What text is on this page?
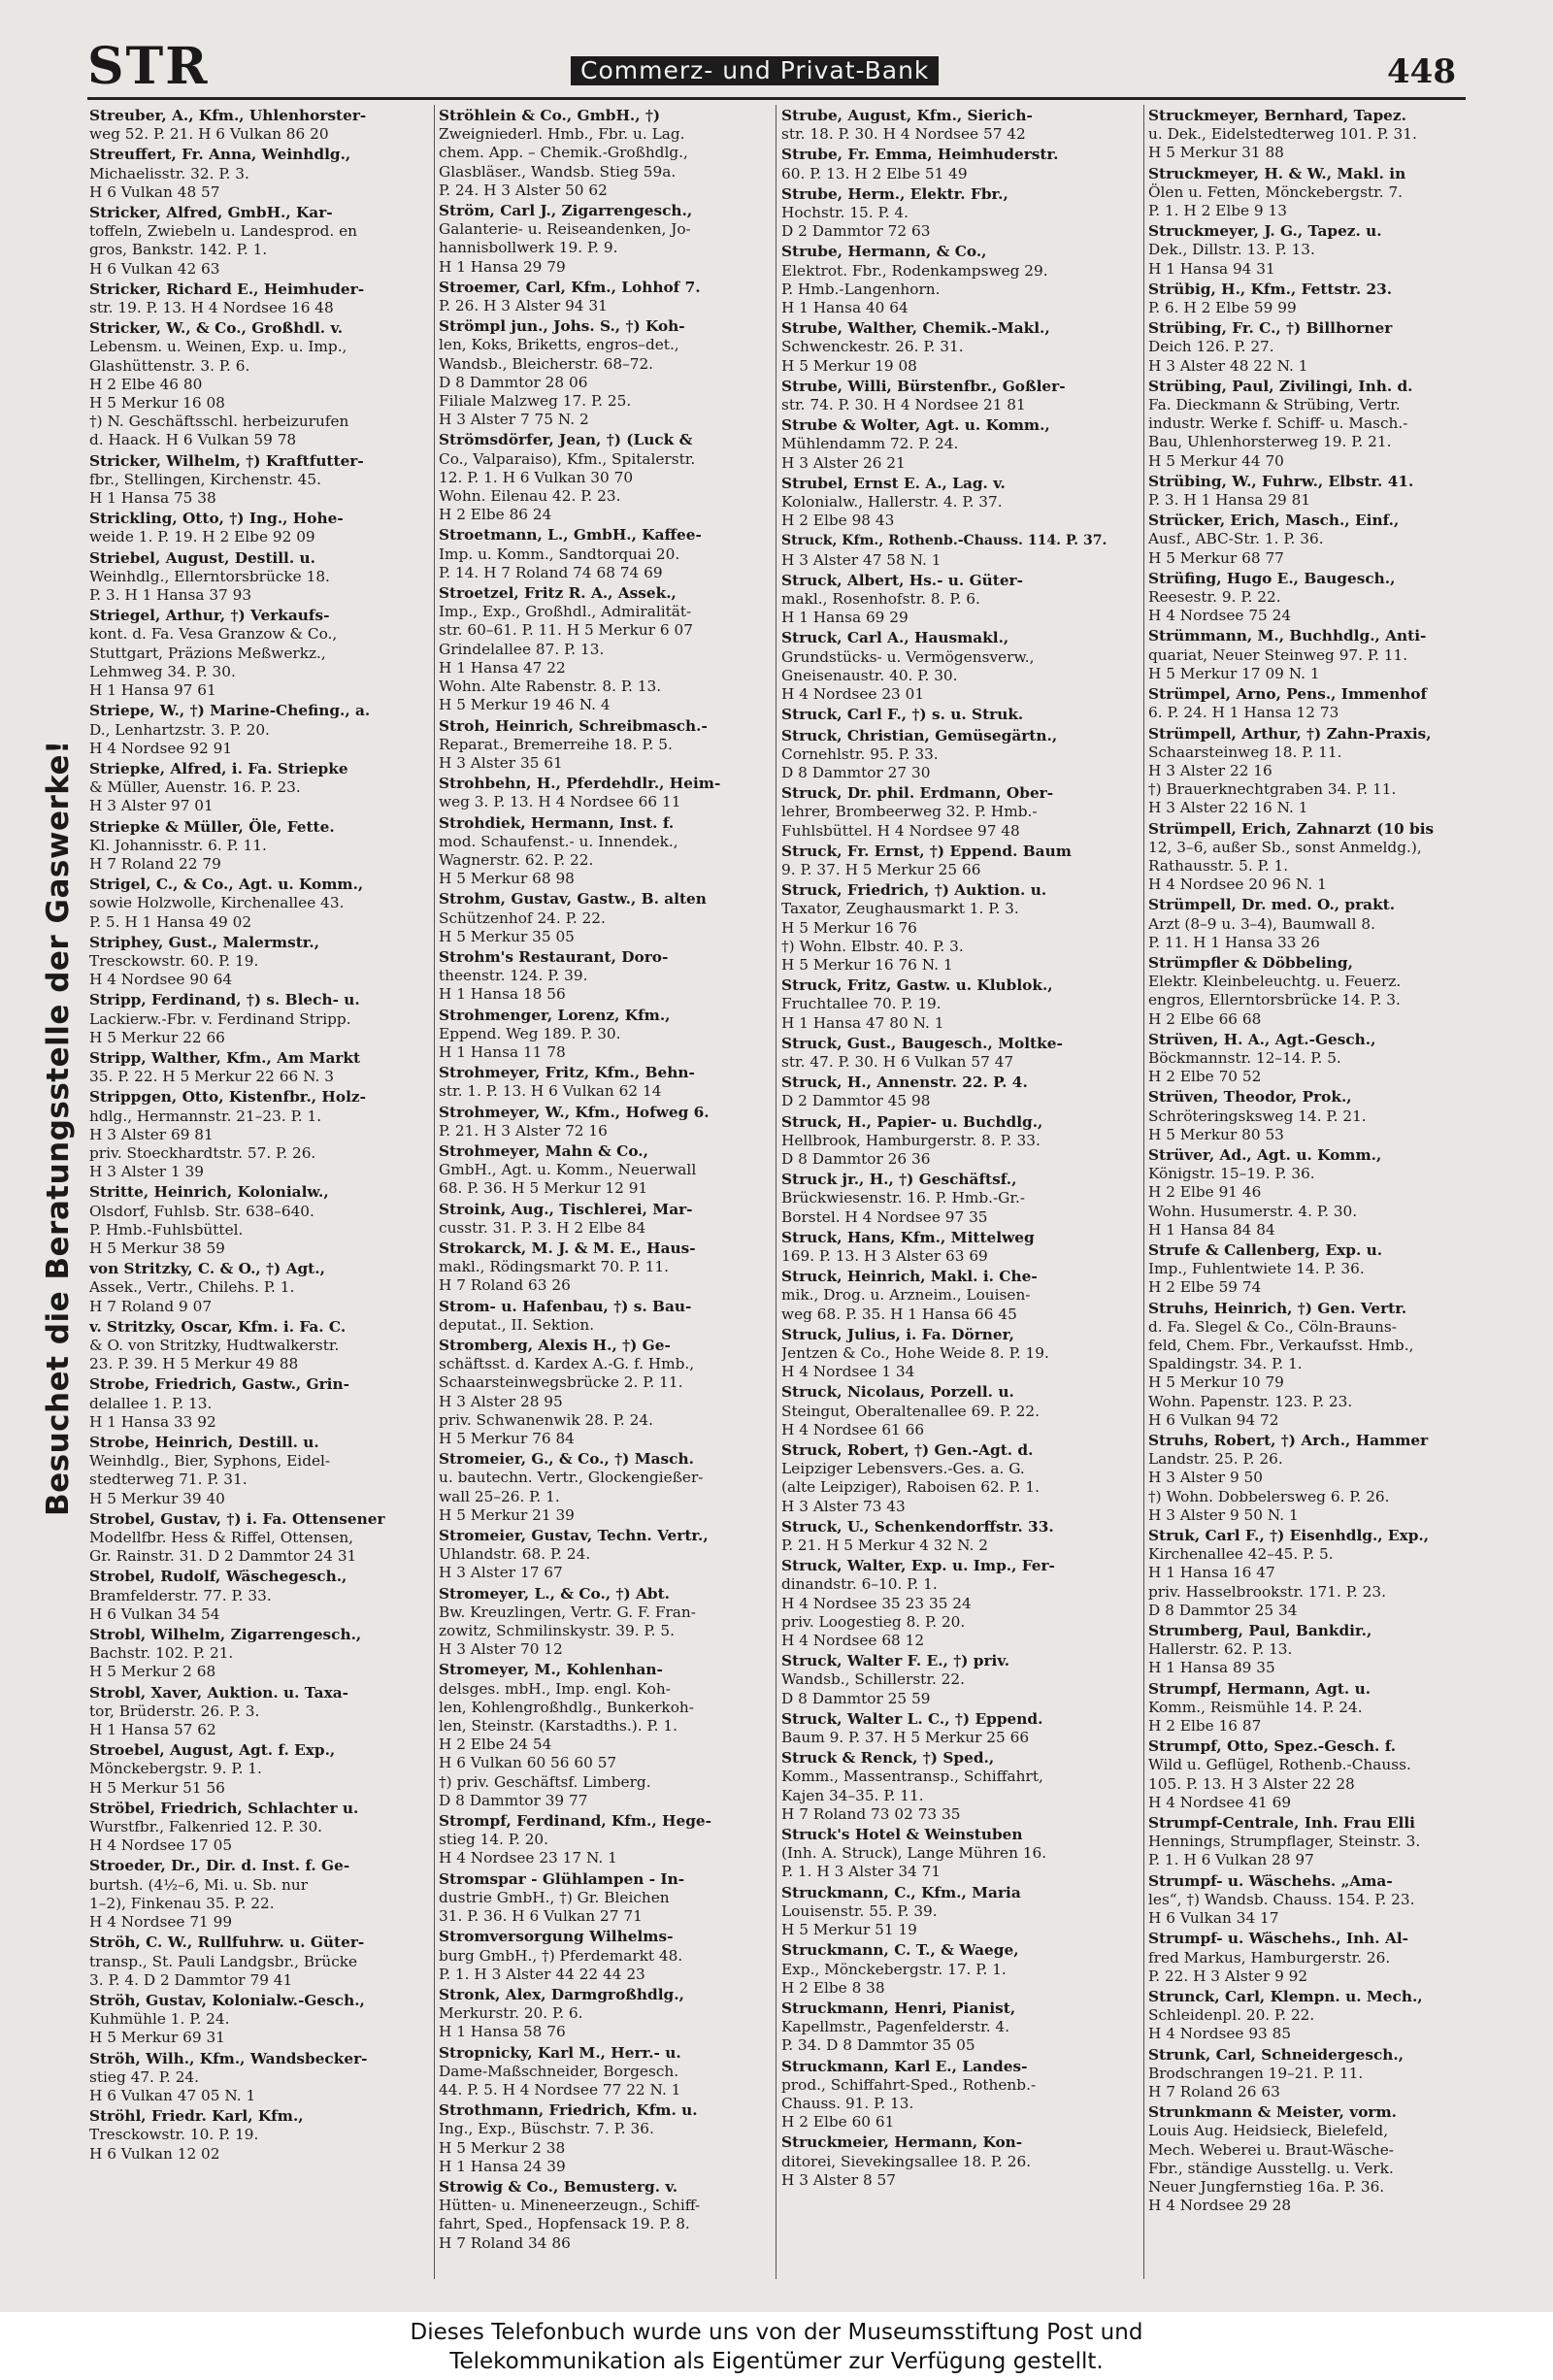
STR	Commerz- und Privat-Bank	448
Besuchet die Beratungsstelle der Gaswerke!
Streuber, A., Kfm., Uhlenhorster-
weg 52. P. 21. H 6 Vulkan 86 20
Streuffert, Fr. Anna, Weinhdlg.,
Michaelisstr. 32. P. 3.
H 6 Vulkan 48 57
Stricker, Alfred, GmbH., Kar-
toffeln, Zwiebeln u. Landesprod. en
gros, Bankstr. 142. P. 1.
H 6 Vulkan 42 63
Stricker, Richard E., Heimhuder-
str. 19. P. 13. H 4 Nordsee 16 48
Stricker, W., & Co., Großhdl. v.
Lebensm. u. Weinen, Exp. u. Imp.,
Glashüttenstr. 3. P. 6.
H 2 Elbe 46 80
H 5 Merkur 16 08
†) N. Geschäftsschl. herbeizurufen
d. Haack. H 6 Vulkan 59 78
Stricker, Wilhelm, †) Kraftfutter-
fbr., Stellingen, Kirchenstr. 45.
H 1 Hansa 75 38
Strickling, Otto, †) Ing., Hohe-
weide 1. P. 19. H 2 Elbe 92 09
Striebel, August, Destill. u.
Weinhdlg., Ellerntorsbrücke 18.
P. 3. H 1 Hansa 37 93
Striegel, Arthur, †) Verkaufs-
kont. d. Fa. Vesa Granzow & Co.,
Stuttgart, Präzions Meßwerkz.,
Lehmweg 34. P. 30.
H 1 Hansa 97 61
Striepe, W., †) Marine-Chefing., a.
D., Lenhartzstr. 3. P. 20.
H 4 Nordsee 92 91
Striepke, Alfred, i. Fa. Striepke
& Müller, Auenstr. 16. P. 23.
H 3 Alster 97 01
Striepke & Müller, Öle, Fette.
Kl. Johannisstr. 6. P. 11.
H 7 Roland 22 79
Strigel, C., & Co., Agt. u. Komm.,
sowie Holzwolle, Kirchenallee 43.
P. 5. H 1 Hansa 49 02
Striphey, Gust., Malermstr.,
Tresckowstr. 60. P. 19.
H 4 Nordsee 90 64
Stripp, Ferdinand, †) s. Blech- u.
Lackierw.-Fbr. v. Ferdinand Stripp.
H 5 Merkur 22 66
Stripp, Walther, Kfm., Am Markt
35. P. 22. H 5 Merkur 22 66 N. 3
Strippgen, Otto, Kistenfbr., Holz-
hdlg., Hermannstr. 21–23. P. 1.
H 3 Alster 69 81
priv. Stoeckhardtstr. 57. P. 26.
H 3 Alster 1 39
Stritte, Heinrich, Kolonialw.,
Olsdorf, Fuhlsb. Str. 638–640.
P. Hmb.-Fuhlsbüttel.
H 5 Merkur 38 59
von Stritzky, C. & O., †) Agt.,
Assek., Vertr., Chilehs. P. 1.
H 7 Roland 9 07
v. Stritzky, Oscar, Kfm. i. Fa. C.
& O. von Stritzky, Hudtwalkerstr.
23. P. 39. H 5 Merkur 49 88
Strobe, Friedrich, Gastw., Grin-
delallee 1. P. 13.
H 1 Hansa 33 92
Strobe, Heinrich, Destill. u.
Weinhdlg., Bier, Syphons, Eidel-
stedterweg 71. P. 31.
H 5 Merkur 39 40
Strobel, Gustav, †) i. Fa. Ottensener
Modellfbr. Hess & Riffel, Ottensen,
Gr. Rainstr. 31. D 2 Dammtor 24 31
Strobel, Rudolf, Wäschegesch.,
Bramfelderstr. 77. P. 33.
H 6 Vulkan 34 54
Strobl, Wilhelm, Zigarrengesch.,
Bachstr. 102. P. 21.
H 5 Merkur 2 68
Strobl, Xaver, Auktion. u. Taxa-
tor, Brüderstr. 26. P. 3.
H 1 Hansa 57 62
Stroebel, August, Agt. f. Exp.,
Mönckebergstr. 9. P. 1.
H 5 Merkur 51 56
Ströbel, Friedrich, Schlachter u.
Wurstfbr., Falkenried 12. P. 30.
H 4 Nordsee 17 05
Stroeder, Dr., Dir. d. Inst. f. Ge-
burtsh. (4½–6, Mi. u. Sb. nur
1–2), Finkenau 35. P. 22.
H 4 Nordsee 71 99
Ströh, C. W., Rullfuhrw. u. Güter-
transp., St. Pauli Landgsbr., Brücke
3. P. 4. D 2 Dammtor 79 41
Ströh, Gustav, Kolonialw.-Gesch.,
Kuhmühle 1. P. 24.
H 5 Merkur 69 31
Ströh, Wilh., Kfm., Wandsbecker-
stieg 47. P. 24.
H 6 Vulkan 47 05 N. 1
Ströhl, Friedr. Karl, Kfm.,
Tresckowstr. 10. P. 19.
H 6 Vulkan 12 02
Ströhlein & Co., GmbH., †)
Zweigniederl. Hmb., Fbr. u. Lag.
chem. App. – Chemik.-Großhdlg.,
Glasbläser., Wandsb. Stieg 59a.
P. 24. H 3 Alster 50 62
Ström, Carl J., Zigarrengesch.,
Galanterie- u. Reiseandenken, Jo-
hannisbollwerk 19. P. 9.
H 1 Hansa 29 79
Stroemer, Carl, Kfm., Lohhof 7.
P. 26. H 3 Alster 94 31
Strömpl jun., Johs. S., †) Koh-
len, Koks, Briketts, engros–det.,
Wandsb., Bleicherstr. 68–72.
D 8 Dammtor 28 06
Filiale Malzweg 17. P. 25.
H 3 Alster 7 75 N. 2
Strömsdörfer, Jean, †) (Luck &
Co., Valparaiso), Kfm., Spitalerstr.
12. P. 1. H 6 Vulkan 30 70
Wohn. Eilenau 42. P. 23.
H 2 Elbe 86 24
Stroetmann, L., GmbH., Kaffee-
Imp. u. Komm., Sandtorquai 20.
P. 14. H 7 Roland 74 68 74 69
Stroetzel, Fritz R. A., Assek.,
Imp., Exp., Großhdl., Admiralität-
str. 60–61. P. 11. H 5 Merkur 6 07
Grindelallee 87. P. 13.
H 1 Hansa 47 22
Wohn. Alte Rabenstr. 8. P. 13.
H 5 Merkur 19 46 N. 4
Stroh, Heinrich, Schreibmasch.-
Reparat., Bremerreihe 18. P. 5.
H 3 Alster 35 61
Strohbehn, H., Pferdehdlr., Heim-
weg 3. P. 13. H 4 Nordsee 66 11
Strohdiek, Hermann, Inst. f.
mod. Schaufenst.- u. Innendek.,
Wagnerstr. 62. P. 22.
H 5 Merkur 68 98
Strohm, Gustav, Gastw., B. alten
Schützenhof 24. P. 22.
H 5 Merkur 35 05
Strohm's Restaurant, Doro-
theenstr. 124. P. 39.
H 1 Hansa 18 56
Strohmenger, Lorenz, Kfm.,
Eppend. Weg 189. P. 30.
H 1 Hansa 11 78
Strohmeyer, Fritz, Kfm., Behn-
str. 1. P. 13. H 6 Vulkan 62 14
Strohmeyer, W., Kfm., Hofweg 6.
P. 21. H 3 Alster 72 16
Strohmeyer, Mahn & Co.,
GmbH., Agt. u. Komm., Neuerwall
68. P. 36. H 5 Merkur 12 91
Stroink, Aug., Tischlerei, Mar-
cusstr. 31. P. 3. H 2 Elbe 84
Strokarck, M. J. & M. E., Haus-
makl., Rödingsmarkt 70. P. 11.
H 7 Roland 63 26
Strom- u. Hafenbau, †) s. Bau-
deputat., II. Sektion.
Stromberg, Alexis H., †) Ge-
schäftsst. d. Kardex A.-G. f. Hmb.,
Schaarsteinwegsbrücke 2. P. 11.
H 3 Alster 28 95
priv. Schwanenwik 28. P. 24.
H 5 Merkur 76 84
Stromeier, G., & Co., †) Masch.
u. bautechn. Vertr., Glockengießer-
wall 25–26. P. 1.
H 5 Merkur 21 39
Stromeier, Gustav, Techn. Vertr.,
Uhlandstr. 68. P. 24.
H 3 Alster 17 67
Stromeyer, L., & Co., †) Abt.
Bw. Kreuzlingen, Vertr. G. F. Fran-
zowitz, Schmilinskystr. 39. P. 5.
H 3 Alster 70 12
Stromeyer, M., Kohlenhan-
delsges. mbH., Imp. engl. Koh-
len, Kohlengroßhdlg., Bunkerkoh-
len, Steinstr. (Karstadths.). P. 1.
H 2 Elbe 24 54
H 6 Vulkan 60 56 60 57
†) priv. Geschäftsf. Limberg.
D 8 Dammtor 39 77
Strompf, Ferdinand, Kfm., Hege-
stieg 14. P. 20.
H 4 Nordsee 23 17 N. 1
Stromspar - Glühlampen - In-
dustrie GmbH., †) Gr. Bleichen
31. P. 36. H 6 Vulkan 27 71
Stromversorgung Wilhelms-
burg GmbH., †) Pferdemarkt 48.
P. 1. H 3 Alster 44 22 44 23
Stronk, Alex, Darmgroßhdlg.,
Merkurstr. 20. P. 6.
H 1 Hansa 58 76
Stropnicky, Karl M., Herr.- u.
Dame-Maßschneider, Borgesch.
44. P. 5. H 4 Nordsee 77 22 N. 1
Strothmann, Friedrich, Kfm. u.
Ing., Exp., Büschstr. 7. P. 36.
H 5 Merkur 2 38
H 1 Hansa 24 39
Strowig & Co., Bemusterg. v.
Hütten- u. Mineneerzeugn., Schiff-
fahrt, Sped., Hopfensack 19. P. 8.
H 7 Roland 34 86
Strube, August, Kfm., Sierich-
str. 18. P. 30. H 4 Nordsee 57 42
Strube, Fr. Emma, Heimhuderstr.
60. P. 13. H 2 Elbe 51 49
Strube, Herm., Elektr. Fbr.,
Hochstr. 15. P. 4.
D 2 Dammtor 72 63
Strube, Hermann, & Co.,
Elektrot. Fbr., Rodenkampsweg 29.
P. Hmb.-Langenhorn.
H 1 Hansa 40 64
Strube, Walther, Chemik.-Makl.,
Schwenckestr. 26. P. 31.
H 5 Merkur 19 08
Strube, Willi, Bürstenfbr., Goßler-
str. 74. P. 30. H 4 Nordsee 21 81
Strube & Wolter, Agt. u. Komm.,
Mühlendamm 72. P. 24.
H 3 Alster 26 21
Strubel, Ernst E. A., Lag. v.
Kolonialw., Hallerstr. 4. P. 37.
H 2 Elbe 98 43
Struck, Kfm., Rothenb.-Chauss. 114. P. 37.
H 3 Alster 47 58 N. 1
Struck, Albert, Hs.- u. Güter-
makl., Rosenhofstr. 8. P. 6.
H 1 Hansa 69 29
Struck, Carl A., Hausmakl.,
Grundstücks- u. Vermögensverw.,
Gneisenaustr. 40. P. 30.
H 4 Nordsee 23 01
Struck, Carl F., †) s. u. Struk.
Struck, Christian, Gemüsegärtn.,
Cornehlstr. 95. P. 33.
D 8 Dammtor 27 30
Struck, Dr. phil. Erdmann, Ober-
lehrer, Brombeerweg 32. P. Hmb.-
Fuhlsbüttel. H 4 Nordsee 97 48
Struck, Fr. Ernst, †) Eppend. Baum
9. P. 37. H 5 Merkur 25 66
Struck, Friedrich, †) Auktion. u.
Taxator, Zeughausmarkt 1. P. 3.
H 5 Merkur 16 76
†) Wohn. Elbstr. 40. P. 3.
H 5 Merkur 16 76 N. 1
Struck, Fritz, Gastw. u. Klublok.,
Fruchtallee 70. P. 19.
H 1 Hansa 47 80 N. 1
Struck, Gust., Baugesch., Moltke-
str. 47. P. 30. H 6 Vulkan 57 47
Struck, H., Annenstr. 22. P. 4.
D 2 Dammtor 45 98
Struck, H., Papier- u. Buchdlg.,
Hellbrook, Hamburgerstr. 8. P. 33.
D 8 Dammtor 26 36
Struck jr., H., †) Geschäftsf.,
Brückwiesenstr. 16. P. Hmb.-Gr.-
Borstel. H 4 Nordsee 97 35
Struck, Hans, Kfm., Mittelweg
169. P. 13. H 3 Alster 63 69
Struck, Heinrich, Makl. i. Che-
mik., Drog. u. Arzneim., Louisen-
weg 68. P. 35. H 1 Hansa 66 45
Struck, Julius, i. Fa. Dörner,
Jentzen & Co., Hohe Weide 8. P. 19.
H 4 Nordsee 1 34
Struck, Nicolaus, Porzell. u.
Steingut, Oberaltenallee 69. P. 22.
H 4 Nordsee 61 66
Struck, Robert, †) Gen.-Agt. d.
Leipziger Lebensvers.-Ges. a. G.
(alte Leipziger), Raboisen 62. P. 1.
H 3 Alster 73 43
Struck, U., Schenkendorffstr. 33.
P. 21. H 5 Merkur 4 32 N. 2
Struck, Walter, Exp. u. Imp., Fer-
dinandstr. 6–10. P. 1.
H 4 Nordsee 35 23 35 24
priv. Loogestieg 8. P. 20.
H 4 Nordsee 68 12
Struck, Walter F. E., †) priv.
Wandsb., Schillerstr. 22.
D 8 Dammtor 25 59
Struck, Walter L. C., †) Eppend.
Baum 9. P. 37. H 5 Merkur 25 66
Struck & Renck, †) Sped.,
Komm., Massentransp., Schiffahrt,
Kajen 34–35. P. 11.
H 7 Roland 73 02 73 35
Struck's Hotel & Weinstuben
(Inh. A. Struck), Lange Mühren 16.
P. 1. H 3 Alster 34 71
Struckmann, C., Kfm., Maria
Louisenstr. 55. P. 39.
H 5 Merkur 51 19
Struckmann, C. T., & Waege,
Exp., Mönckebergstr. 17. P. 1.
H 2 Elbe 8 38
Struckmann, Henri, Pianist,
Kapellmstr., Pagenfelderstr. 4.
P. 34. D 8 Dammtor 35 05
Struckmann, Karl E., Landes-
prod., Schiffahrt-Sped., Rothenb.-
Chauss. 91. P. 13.
H 2 Elbe 60 61
Struckmeier, Hermann, Kon-
ditorei, Sievekingsallee 18. P. 26.
H 3 Alster 8 57
Struckmeyer, Bernhard, Tapez.
u. Dek., Eidelstedterweg 101. P. 31.
H 5 Merkur 31 88
Struckmeyer, H. & W., Makl. in
Ölen u. Fetten, Mönckebergstr. 7.
P. 1. H 2 Elbe 9 13
Struckmeyer, J. G., Tapez. u.
Dek., Dillstr. 13. P. 13.
H 1 Hansa 94 31
Strübig, H., Kfm., Fettstr. 23.
P. 6. H 2 Elbe 59 99
Strübing, Fr. C., †) Billhorner
Deich 126. P. 27.
H 3 Alster 48 22 N. 1
Strübing, Paul, Zivilingi, Inh. d.
Fa. Dieckmann & Strübing, Vertr.
industr. Werke f. Schiff- u. Masch.-
Bau, Uhlenhorsterweg 19. P. 21.
H 5 Merkur 44 70
Strübing, W., Fuhrw., Elbstr. 41.
P. 3. H 1 Hansa 29 81
Strücker, Erich, Masch., Einf.,
Ausf., ABC-Str. 1. P. 36.
H 5 Merkur 68 77
Strüfing, Hugo E., Baugesch.,
Reesestr. 9. P. 22.
H 4 Nordsee 75 24
Strümmann, M., Buchhdlg., Anti-
quariat, Neuer Steinweg 97. P. 11.
H 5 Merkur 17 09 N. 1
Strümpel, Arno, Pens., Immenhof
6. P. 24. H 1 Hansa 12 73
Strümpell, Arthur, †) Zahn-Praxis,
Schaarsteinweg 18. P. 11.
H 3 Alster 22 16
†) Brauerknechtgraben 34. P. 11.
H 3 Alster 22 16 N. 1
Strümpell, Erich, Zahnarzt (10 bis
12, 3–6, außer Sb., sonst Anmeldg.),
Rathausstr. 5. P. 1.
H 4 Nordsee 20 96 N. 1
Strümpell, Dr. med. O., prakt.
Arzt (8–9 u. 3–4), Baumwall 8.
P. 11. H 1 Hansa 33 26
Strümpfler & Döbbeling,
Elektr. Kleinbeleuchtg. u. Feuerz.
engros, Ellerntorsbrücke 14. P. 3.
H 2 Elbe 66 68
Strüven, H. A., Agt.-Gesch.,
Böckmannstr. 12–14. P. 5.
H 2 Elbe 70 52
Strüven, Theodor, Prok.,
Schröteringsksweg 14. P. 21.
H 5 Merkur 80 53
Strüver, Ad., Agt. u. Komm.,
Königstr. 15–19. P. 36.
H 2 Elbe 91 46
Wohn. Husumerstr. 4. P. 30.
H 1 Hansa 84 84
Strufe & Callenberg, Exp. u.
Imp., Fuhlentwiete 14. P. 36.
H 2 Elbe 59 74
Struhs, Heinrich, †) Gen. Vertr.
d. Fa. Slegel & Co., Cöln-Brauns-
feld, Chem. Fbr., Verkaufsst. Hmb.,
Spaldingstr. 34. P. 1.
H 5 Merkur 10 79
Wohn. Papenstr. 123. P. 23.
H 6 Vulkan 94 72
Struhs, Robert, †) Arch., Hammer
Landstr. 25. P. 26.
H 3 Alster 9 50
†) Wohn. Dobbelersweg 6. P. 26.
H 3 Alster 9 50 N. 1
Struk, Carl F., †) Eisenhdlg., Exp.,
Kirchenallee 42–45. P. 5.
H 1 Hansa 16 47
priv. Hasselbrookstr. 171. P. 23.
D 8 Dammtor 25 34
Strumberg, Paul, Bankdir.,
Hallerstr. 62. P. 13.
H 1 Hansa 89 35
Strumpf, Hermann, Agt. u.
Komm., Reismühle 14. P. 24.
H 2 Elbe 16 87
Strumpf, Otto, Spez.-Gesch. f.
Wild u. Geflügel, Rothenb.-Chauss.
105. P. 13. H 3 Alster 22 28
H 4 Nordsee 41 69
Strumpf-Centrale, Inh. Frau Elli
Hennings, Strumpflager, Steinstr. 3.
P. 1. H 6 Vulkan 28 97
Strumpf- u. Wäschehs. „Ama-
les“, †) Wandsb. Chauss. 154. P. 23.
H 6 Vulkan 34 17
Strumpf- u. Wäschehs., Inh. Al-
fred Markus, Hamburgerstr. 26.
P. 22. H 3 Alster 9 92
Strunck, Carl, Klempn. u. Mech.,
Schleidenpl. 20. P. 22.
H 4 Nordsee 93 85
Strunk, Carl, Schneidergesch.,
Brodschrangen 19–21. P. 11.
H 7 Roland 26 63
Strunkmann & Meister, vorm.
Louis Aug. Heidsieck, Bielefeld,
Mech. Weberei u. Braut-Wäsche-
Fbr., ständige Ausstellg. u. Verk.
Neuer Jungfernstieg 16a. P. 36.
H 4 Nordsee 29 28
Dieses Telefonbuch wurde uns von der Museumsstiftung Post und
Telekommunikation als Eigentümer zur Verfügung gestellt.
